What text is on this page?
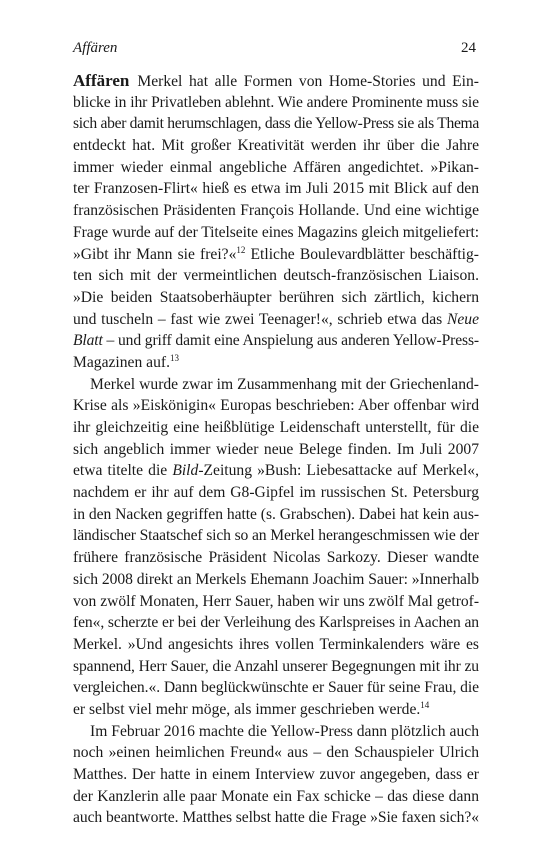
Affären	24
Affären Merkel hat alle Formen von Home-Stories und Ein-
blicke in ihr Privatleben ablehnt. Wie andere Prominente muss sie
sich aber damit herumschlagen, dass die Yellow-Press sie als Thema
entdeckt hat. Mit großer Kreativität werden ihr über die Jahre
immer wieder einmal angebliche Affären angedichtet. »Pikan-
ter Franzosen-Flirt« hieß es etwa im Juli 2015 mit Blick auf den
französischen Präsidenten François Hollande. Und eine wichtige
Frage wurde auf der Titelseite eines Magazins gleich mitgeliefert:
»Gibt ihr Mann sie frei?«$^{12}$ Etliche Boulevardblätter beschäftig-
ten sich mit der vermeintlichen deutsch-französischen Liaison.
»Die beiden Staatsoberhäupter berühren sich zärtlich, kichern
und tuscheln – fast wie zwei Teenager!«, schrieb etwa das Neue
Blatt – und griff damit eine Anspielung aus anderen Yellow-Press-
Magazinen auf.$^{13}$
Merkel wurde zwar im Zusammenhang mit der Griechenland-
Krise als »Eiskönigin« Europas beschrieben: Aber offenbar wird
ihr gleichzeitig eine heißblütige Leidenschaft unterstellt, für die
sich angeblich immer wieder neue Belege finden. Im Juli 2007
etwa titelte die Bild-Zeitung »Bush: Liebesattacke auf Merkel«,
nachdem er ihr auf dem G8-Gipfel im russischen St. Petersburg
in den Nacken gegriffen hatte (s. Grabschen). Dabei hat kein aus-
ländischer Staatschef sich so an Merkel herangeschmissen wie der
frühere französische Präsident Nicolas Sarkozy. Dieser wandte
sich 2008 direkt an Merkels Ehemann Joachim Sauer: »Innerhalb
von zwölf Monaten, Herr Sauer, haben wir uns zwölf Mal getrof-
fen«, scherzte er bei der Verleihung des Karlspreises in Aachen an
Merkel. »Und angesichts ihres vollen Terminkalenders wäre es
spannend, Herr Sauer, die Anzahl unserer Begegnungen mit ihr zu
vergleichen.«. Dann beglückwünschte er Sauer für seine Frau, die
er selbst viel mehr möge, als immer geschrieben werde.$^{14}$
Im Februar 2016 machte die Yellow-Press dann plötzlich auch
noch »einen heimlichen Freund« aus – den Schauspieler Ulrich
Matthes. Der hatte in einem Interview zuvor angegeben, dass er
der Kanzlerin alle paar Monate ein Fax schicke – das diese dann
auch beantworte. Matthes selbst hatte die Frage »Sie faxen sich?«
